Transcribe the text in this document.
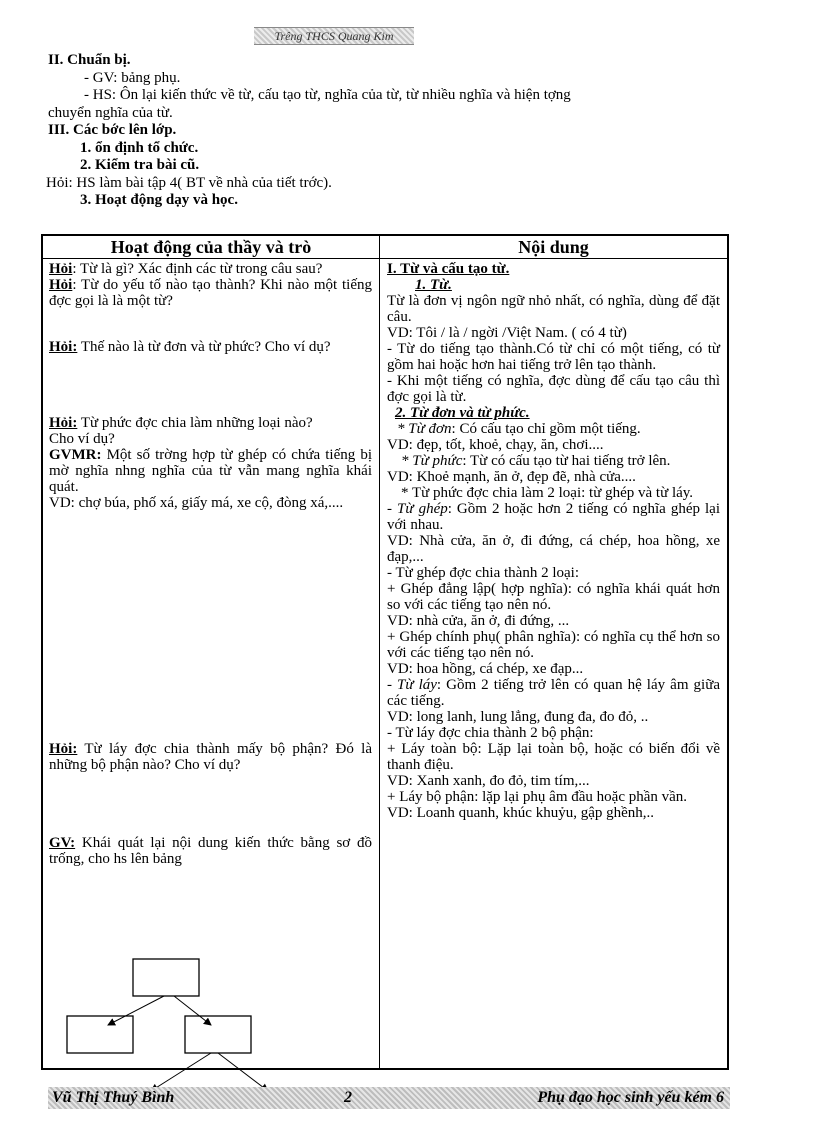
Trêng THCS Quang Kim
II. Chuẩn bị.
- GV: bảng phụ.
- HS: Ôn lại kiến thức về từ, cấu tạo từ, nghĩa của từ, từ nhiều nghĩa và hiện tợng
chuyển nghĩa của từ.
III. Các bớc lên lớp.
1. ổn định tổ chức.
2. Kiểm tra bài cũ.
Hỏi: HS làm bài tập 4( BT về nhà của tiết trớc).
3. Hoạt động dạy và học.
Hoạt động của thầy và trò

Hỏi: Từ là gì? Xác định các từ trong câu sau?

Hỏi: Từ do yếu tố nào tạo thành? Khi nào một tiếng đợc gọi là là một từ?

Hỏi: Thế nào là từ đơn và từ phức? Cho ví dụ?

Hỏi: Từ phức đợc chia làm những loại nào?

Cho ví dụ?

GVMR: Một số trờng hợp từ ghép có chứa tiếng bị mờ nghĩa nhng nghĩa của từ vẫn mang nghĩa khái quát.

VD: chợ búa, phố xá, giấy má, xe cộ, đòng xá,....

Hỏi: Từ láy đợc chia thành mấy bộ phận? Đó là những bộ phận nào? Cho ví dụ?

GV: Khái quát lại nội dung kiến thức bằng sơ đồ trống, cho hs lên bảng

Nội dung

I. Từ và cấu tạo từ.

1. Từ.

Từ là đơn vị ngôn ngữ nhỏ nhất, có nghĩa, dùng để đặt câu.

VD: Tôi / là / ngời /Việt Nam. ( có 4 từ)

- Từ do tiếng tạo thành.Có từ chỉ có một tiếng, có từ gồm hai hoặc hơn hai tiếng trở lên tạo thành.

- Khi một tiếng có nghĩa, đợc dùng để cấu tạo câu thì đợc gọi là từ.

2. Từ đơn và từ phức.

* Từ đơn: Có cấu tạo chỉ gồm một tiếng.

VD: đẹp, tốt, khoẻ, chạy, ăn, chơi....

* Từ phức: Từ có cấu tạo từ hai tiếng trở lên.

VD: Khoẻ mạnh, ăn ở, đẹp đẽ, nhà cửa....

* Từ phức đợc chia làm 2 loại: từ ghép và từ láy.

- Từ ghép: Gồm 2 hoặc hơn 2 tiếng có nghĩa ghép lại với nhau.

VD: Nhà cửa, ăn ở, đi đứng, cá chép, hoa hồng, xe đạp,...

- Từ ghép đợc chia thành 2 loại:

+ Ghép đẳng lập( hợp nghĩa): có nghĩa khái quát hơn so với các tiếng tạo nên nó.

VD: nhà cửa, ăn ở, đi đứng, ...

+ Ghép chính phụ( phân nghĩa): có nghĩa cụ thể hơn so với các tiếng tạo nên nó.

VD: hoa hồng, cá chép, xe đạp...

- Từ láy: Gồm 2 tiếng trở lên có quan hệ láy âm giữa các tiếng.

VD: long lanh, lung lẳng, đung đa, đo đỏ, ..

- Từ láy đợc chia thành 2 bộ phận:

+ Láy toàn bộ: Lặp lại toàn bộ, hoặc có biến đổi về thanh điệu.

VD: Xanh xanh, đo đỏ, tim tím,...

+ Láy bộ phận: lặp lại phụ âm đầu hoặc phần vần.

VD: Loanh quanh, khúc khuỷu, gập ghềnh,..

Vũ Thị Thuý Bình	2	Phụ đạo học sinh yếu kém 6
